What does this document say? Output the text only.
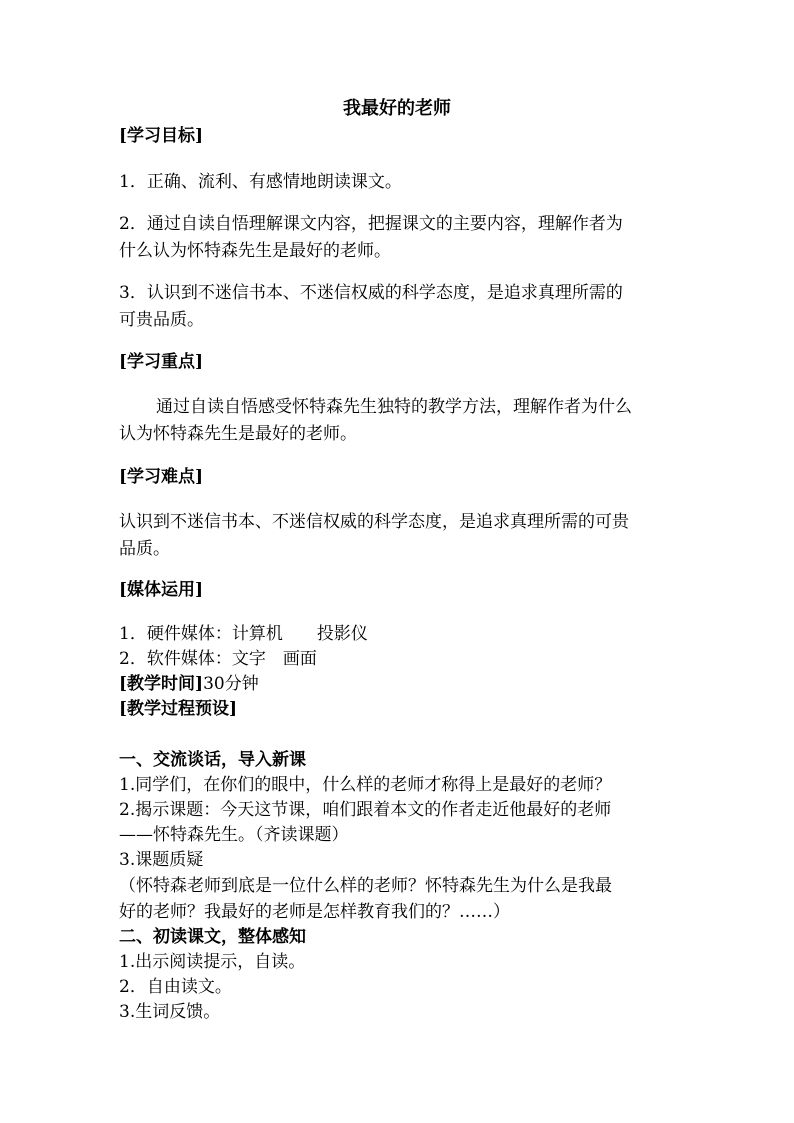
我最好的老师
[学习目标]
1．正确、流利、有感情地朗读课文。
2．通过自读自悟理解课文内容，把握课文的主要内容，理解作者为
什么认为怀特森先生是最好的老师。
3．认识到不迷信书本、不迷信权威的科学态度，是追求真理所需的
可贵品质。
[学习重点]
通过自读自悟感受怀特森先生独特的教学方法，理解作者为什么
认为怀特森先生是最好的老师。
[学习难点]
认识到不迷信书本、不迷信权威的科学态度，是追求真理所需的可贵
品质。
[媒体运用]
1．硬件媒体：计算机　　投影仪
2．软件媒体：文字　画面
[教学时间]30分钟
[教学过程预设]
一、交流谈话，导入新课
1.同学们，在你们的眼中，什么样的老师才称得上是最好的老师？
2.揭示课题：今天这节课，咱们跟着本文的作者走近他最好的老师
——怀特森先生。（齐读课题）
3.课题质疑
（怀特森老师到底是一位什么样的老师？怀特森先生为什么是我最
好的老师？我最好的老师是怎样教育我们的？……）
二、初读课文，整体感知
1.出示阅读提示，自读。
2．自由读文。
3.生词反馈。
